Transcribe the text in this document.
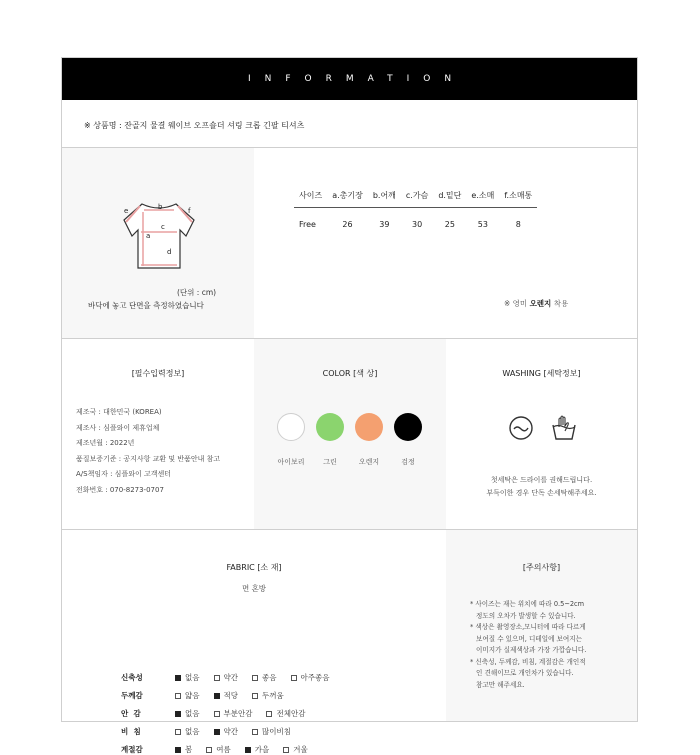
INFORMATION
※ 상품명 : 잔골지 물결 웨이브 오프숄더 셔링 크롭 긴팔 티셔츠
e	b	f
c
a
d
(단위 : cm)
바닥에 놓고 단면을 측정하였습니다
사이즈	a.총기장	b.어깨	c.가슴	d.밑단	e.소매	f.소매통
Free	26	39	30	25	53	8
※ 영미 오렌지 착용
[필수입력정보]
제조국 : 대한민국 (KOREA)
제조사 : 심플와이 제휴업체
제조년월 : 2022년
품질보증기준 : 공지사항 교환 및 반품안내 참고
A/S책임자 : 심플와이 고객센터
전화번호 : 070-8273-0707
COLOR [색 상]
아이보리	그린	오렌지	검정
WASHING [세탁정보]
첫세탁은 드라이를 권해드립니다.
부득이한 경우 단독 손세탁해주세요.
FABRIC [소 재]
면 혼방
신축성	없음	약간	좋음	아주좋음
두께감	얇음	적당	두꺼움
안  감	없음	부분안감	전체안감
비  침	없음	약간	많이비침
계절감	봄	여름	가을	겨울
[주의사항]
* 사이즈는 재는 위치에 따라 0.5~2cm
정도의 오차가 발생할 수 있습니다.
* 색상은 촬영장소,모니터에 따라 다르게
보여질 수 있으며, 디테일에 보여지는
이미지가 실제색상과 가장 가깝습니다.
* 신축성, 두께감, 비침, 계절감은 개인적
인 견해이므로 개인차가 있습니다.
참고만 해주세요.
